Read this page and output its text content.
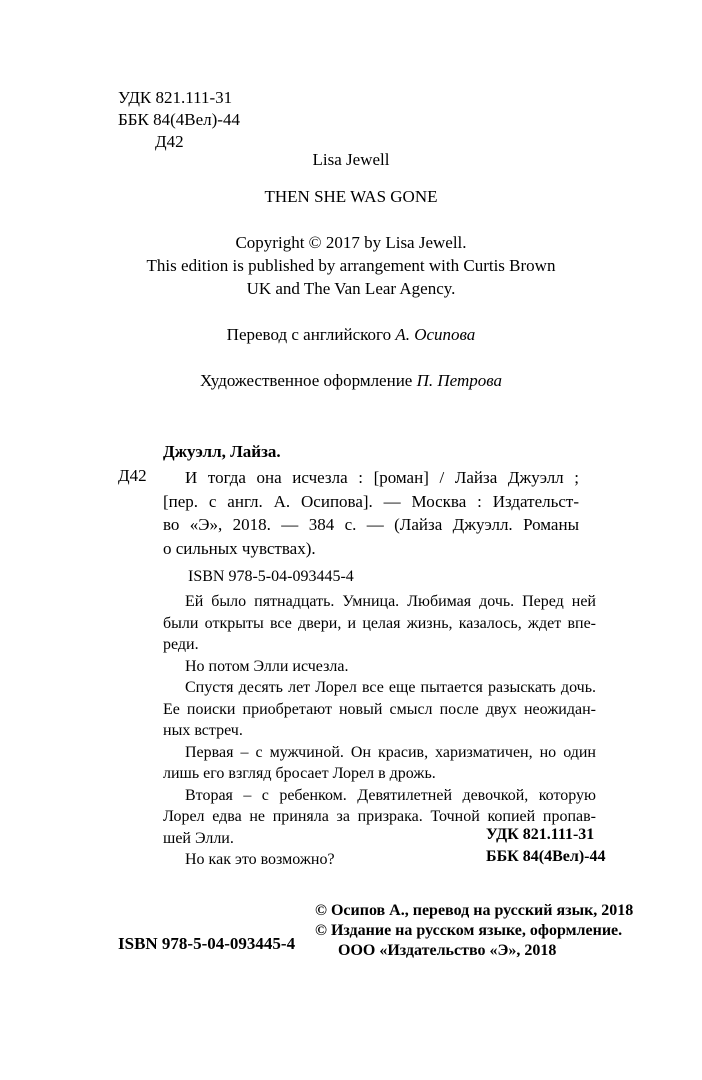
УДК 821.111-31
ББК 84(4Вел)-44
Д42
Lisa Jewell
THEN SHE WAS GONE
Copyright © 2017 by Lisa Jewell.
This edition is published by arrangement with Curtis Brown
UK and The Van Lear Agency.
Перевод с английского А. Осипова
Художественное оформление П. Петрова
Джуэлл, Лайза.
Д42	И тогда она исчезла : [роман] / Лайза Джуэлл ;
[пер. с англ. А. Осипова]. — Москва : Издательст-
во «Э», 2018. — 384 с. — (Лайза Джуэлл. Романы
о сильных чувствах).
ISBN 978-5-04-093445-4
Ей было пятнадцать. Умница. Любимая дочь. Перед ней
были открыты все двери, и целая жизнь, казалось, ждет впе-
реди.
Но потом Элли исчезла.
Спустя десять лет Лорел все еще пытается разыскать дочь.
Ее поиски приобретают новый смысл после двух неожидан-
ных встреч.
Первая – с мужчиной. Он красив, харизматичен, но один
лишь его взгляд бросает Лорел в дрожь.
Вторая – с ребенком. Девятилетней девочкой, которую
Лорел едва не приняла за призрака. Точной копией пропав-
шей Элли.
Но как это возможно?
УДК 821.111-31
ББК 84(4Вел)-44
© Осипов А., перевод на русский язык, 2018
© Издание на русском языке, оформление.
ООО «Издательство «Э», 2018
ISBN 978-5-04-093445-4
